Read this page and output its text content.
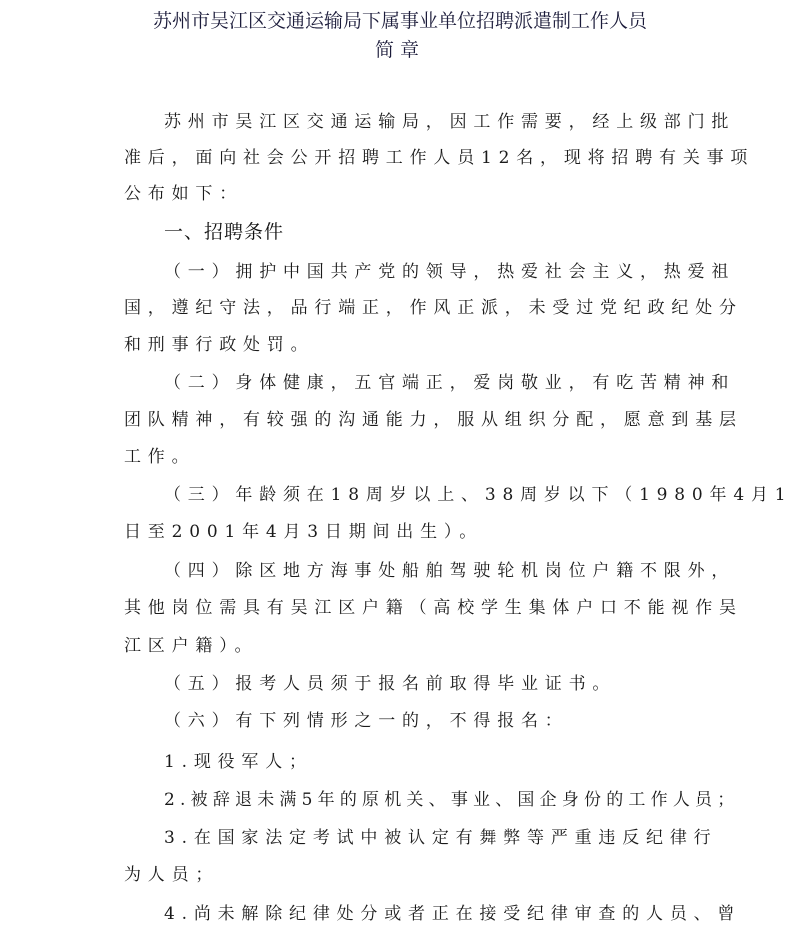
苏州市吴江区交通运输局下属事业单位招聘派遣制工作人员
简章
苏州市吴江区交通运输局，因工作需要，经上级部门批
准后，面向社会公开招聘工作人员12名，现将招聘有关事项
公布如下：
一、招聘条件
（一）拥护中国共产党的领导，热爱社会主义，热爱祖
国，遵纪守法，品行端正，作风正派，未受过党纪政纪处分
和刑事行政处罚。
（二）身体健康，五官端正，爱岗敬业，有吃苦精神和
团队精神，有较强的沟通能力，服从组织分配，愿意到基层
工作。
（三）年龄须在18周岁以上、38周岁以下（1980年4月1
日至2001年4月3日期间出生）。
（四）除区地方海事处船舶驾驶轮机岗位户籍不限外，
其他岗位需具有吴江区户籍（高校学生集体户口不能视作吴
江区户籍）。
（五）报考人员须于报名前取得毕业证书。
（六）有下列情形之一的，不得报名：
1.现役军人；
2.被辞退未满5年的原机关、事业、国企身份的工作人员；
3.在国家法定考试中被认定有舞弊等严重违反纪律行
为人员；
4.尚未解除纪律处分或者正在接受纪律审查的人员、曾
